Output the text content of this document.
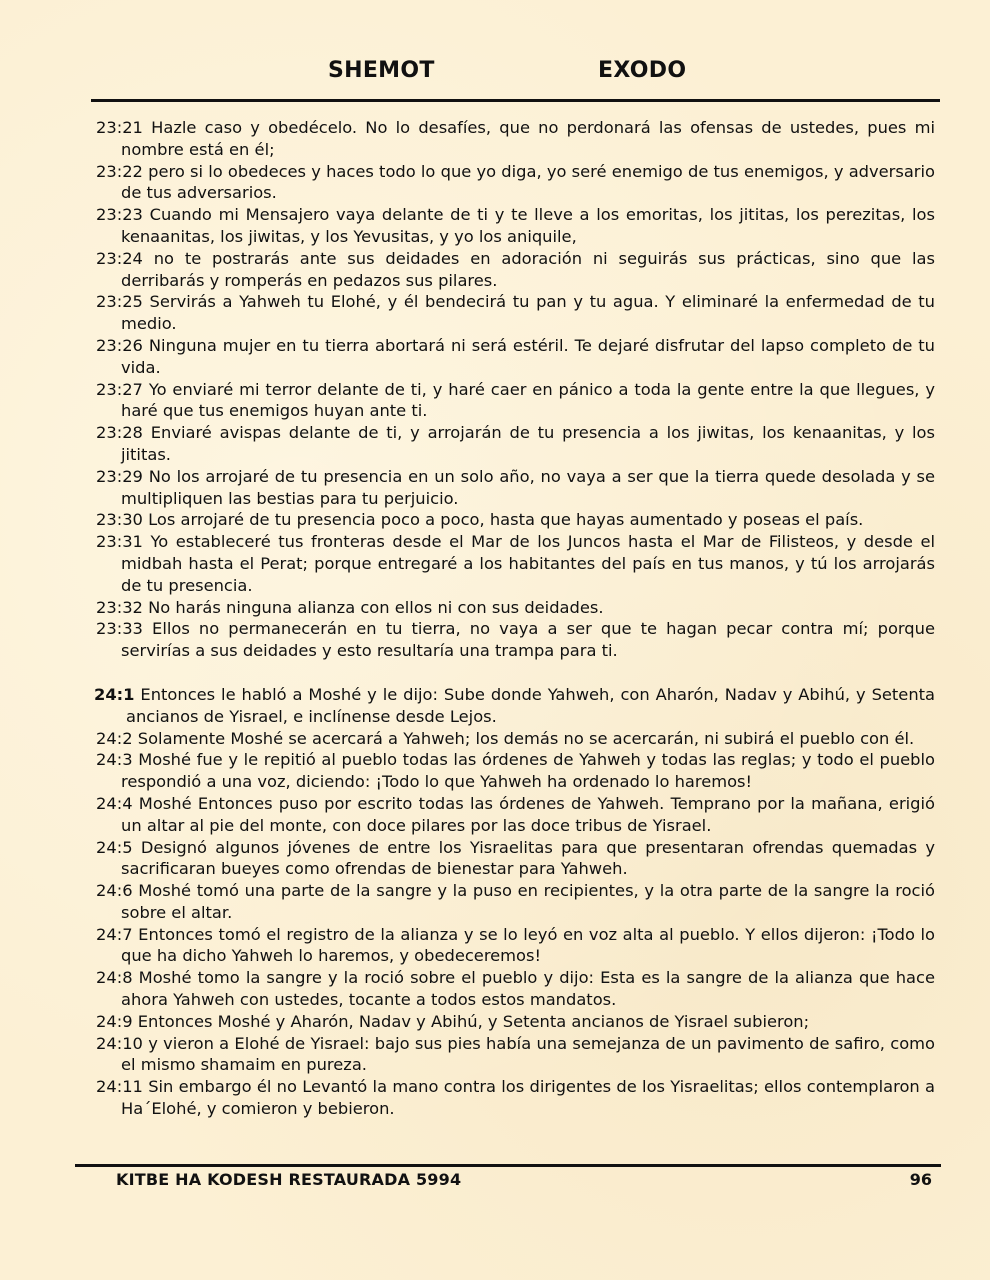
SHEMOT	EXODO

23:21 Hazle caso y obedécelo. No lo desafíes, que no perdonará las ofensas de ustedes, pues mi nombre está en él;

23:22 pero si lo obedeces y haces todo lo que yo diga, yo seré enemigo de tus enemigos, y adversario de tus adversarios.

23:23 Cuando mi Mensajero vaya delante de ti y te lleve a los emoritas, los jititas, los perezitas, los kenaanitas, los jiwitas, y los Yevusitas, y yo los aniquile,

23:24 no te postrarás ante sus deidades en adoración ni seguirás sus prácticas, sino que las derribarás y romperás en pedazos sus pilares.

23:25 Servirás a Yahweh tu Elohé, y él bendecirá tu pan y tu agua. Y eliminaré la enfermedad de tu medio.

23:26 Ninguna mujer en tu tierra abortará ni será estéril. Te dejaré disfrutar del lapso completo de tu vida.

23:27 Yo enviaré mi terror delante de ti, y haré caer en pánico a toda la gente entre la que llegues, y haré que tus enemigos huyan ante ti.

23:28 Enviaré avispas delante de ti, y arrojarán de tu presencia a los jiwitas, los kenaanitas, y los jititas.

23:29 No los arrojaré de tu presencia en un solo año, no vaya a ser que la tierra quede desolada y se multipliquen las bestias para tu perjuicio.

23:30 Los arrojaré de tu presencia poco a poco, hasta que hayas aumentado y poseas el país.

23:31 Yo estableceré tus fronteras desde el Mar de los Juncos hasta el Mar de Filisteos, y desde el midbah hasta el Perat; porque entregaré a los habitantes del país en tus manos, y tú los arrojarás de tu presencia.

23:32 No harás ninguna alianza con ellos ni con sus deidades.

23:33 Ellos no permanecerán en tu tierra, no vaya a ser que te hagan pecar contra mí; porque servirías a sus deidades y esto resultaría una trampa para ti.

24:1 Entonces le habló a Moshé y le dijo: Sube donde Yahweh, con Aharón, Nadav y Abihú, y Setenta ancianos de Yisrael, e inclínense desde Lejos.

24:2 Solamente Moshé se acercará a Yahweh; los demás no se acercarán, ni subirá el pueblo con él.

24:3 Moshé fue y le repitió al pueblo todas las órdenes de Yahweh y todas las reglas; y todo el pueblo respondió a una voz, diciendo: ¡Todo lo que Yahweh ha ordenado lo haremos!

24:4 Moshé Entonces puso por escrito todas las órdenes de Yahweh. Temprano por la mañana, erigió un altar al pie del monte, con doce pilares por las doce tribus de Yisrael.

24:5 Designó algunos jóvenes de entre los Yisraelitas para que presentaran ofrendas quemadas y sacrificaran bueyes como ofrendas de bienestar para Yahweh.

24:6 Moshé tomó una parte de la sangre y la puso en recipientes, y la otra parte de la sangre la roció sobre el altar.

24:7 Entonces tomó el registro de la alianza y se lo leyó en voz alta al pueblo. Y ellos dijeron: ¡Todo lo que ha dicho Yahweh lo haremos, y obedeceremos!

24:8 Moshé tomo la sangre y la roció sobre el pueblo y dijo: Esta es la sangre de la alianza que hace ahora Yahweh con ustedes, tocante a todos estos mandatos.

24:9 Entonces Moshé y Aharón, Nadav y Abihú, y Setenta ancianos de Yisrael subieron;

24:10 y vieron a Elohé de Yisrael: bajo sus pies había una semejanza de un pavimento de safiro, como el mismo shamaim en pureza.

24:11 Sin embargo él no Levantó la mano contra los dirigentes de los Yisraelitas; ellos contemplaron a Ha´Elohé, y comieron y bebieron.

KITBE HA KODESH RESTAURADA 5994	96
